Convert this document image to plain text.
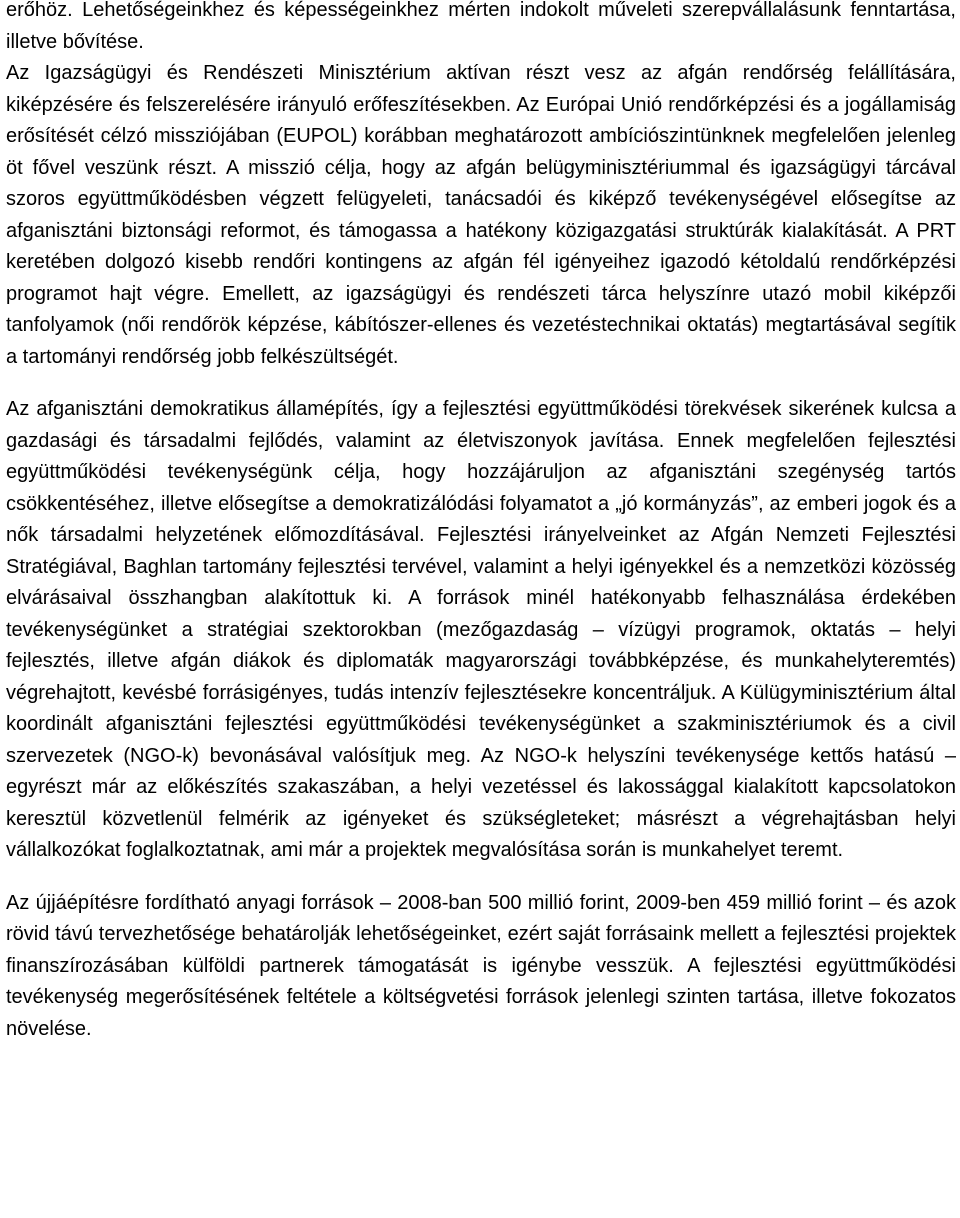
erőhöz. Lehetőségeinkhez és képességeinkhez mérten indokolt műveleti szerepvállalásunk fenntartása, illetve bővítése.

Az Igazságügyi és Rendészeti Minisztérium aktívan részt vesz az afgán rendőrség felállítására, kiképzésére és felszerelésére irányuló erőfeszítésekben. Az Európai Unió rendőrképzési és a jogállamiság erősítését célzó missziójában (EUPOL) korábban meghatározott ambíciószintünknek megfelelően jelenleg öt fővel veszünk részt. A misszió célja, hogy az afgán belügyminisztériummal és igazságügyi tárcával szoros együttműködésben végzett felügyeleti, tanácsadói és kiképző tevékenységével elősegítse az afganisztáni biztonsági reformot, és támogassa a hatékony közigazgatási struktúrák kialakítását. A PRT keretében dolgozó kisebb rendőri kontingens az afgán fél igényeihez igazodó kétoldalú rendőrképzési programot hajt végre. Emellett, az igazságügyi és rendészeti tárca helyszínre utazó mobil kiképzői tanfolyamok (női rendőrök képzése, kábítószer-ellenes és vezetéstechnikai oktatás) megtartásával segítik a tartományi rendőrség jobb felkészültségét.

Az afganisztáni demokratikus államépítés, így a fejlesztési együttműködési törekvések sikerének kulcsa a gazdasági és társadalmi fejlődés, valamint az életviszonyok javítása. Ennek megfelelően fejlesztési együttműködési tevékenységünk célja, hogy hozzájáruljon az afganisztáni szegénység tartós csökkentéséhez, illetve elősegítse a demokratizálódási folyamatot a „jó kormányzás”, az emberi jogok és a nők társadalmi helyzetének előmozdításával. Fejlesztési irányelveinket az Afgán Nemzeti Fejlesztési Stratégiával, Baghlan tartomány fejlesztési tervével, valamint a helyi igényekkel és a nemzetközi közösség elvárásaival összhangban alakítottuk ki. A források minél hatékonyabb felhasználása érdekében tevékenységünket a stratégiai szektorokban (mezőgazdaság – vízügyi programok, oktatás – helyi fejlesztés, illetve afgán diákok és diplomaták magyarországi továbbképzése, és munkahelyteremtés) végrehajtott, kevésbé forrásigényes, tudás intenzív fejlesztésekre koncentráljuk. A Külügyminisztérium által koordinált afganisztáni fejlesztési együttműködési tevékenységünket a szakminisztériumok és a civil szervezetek (NGO-k) bevonásával valósítjuk meg. Az NGO-k helyszíni tevékenysége kettős hatású – egyrészt már az előkészítés szakaszában, a helyi vezetéssel és lakossággal kialakított kapcsolatokon keresztül közvetlenül felmérik az igényeket és szükségleteket; másrészt a végrehajtásban helyi vállalkozókat foglalkoztatnak, ami már a projektek megvalósítása során is munkahelyet teremt.

Az újjáépítésre fordítható anyagi források – 2008-ban 500 millió forint, 2009-ben 459 millió forint – és azok rövid távú tervezhetősége behatárolják lehetőségeinket, ezért saját forrásaink mellett a fejlesztési projektek finanszírozásában külföldi partnerek támogatását is igénybe vesszük. A fejlesztési együttműködési tevékenység megerősítésének feltétele a költségvetési források jelenlegi szinten tartása, illetve fokozatos növelése.
